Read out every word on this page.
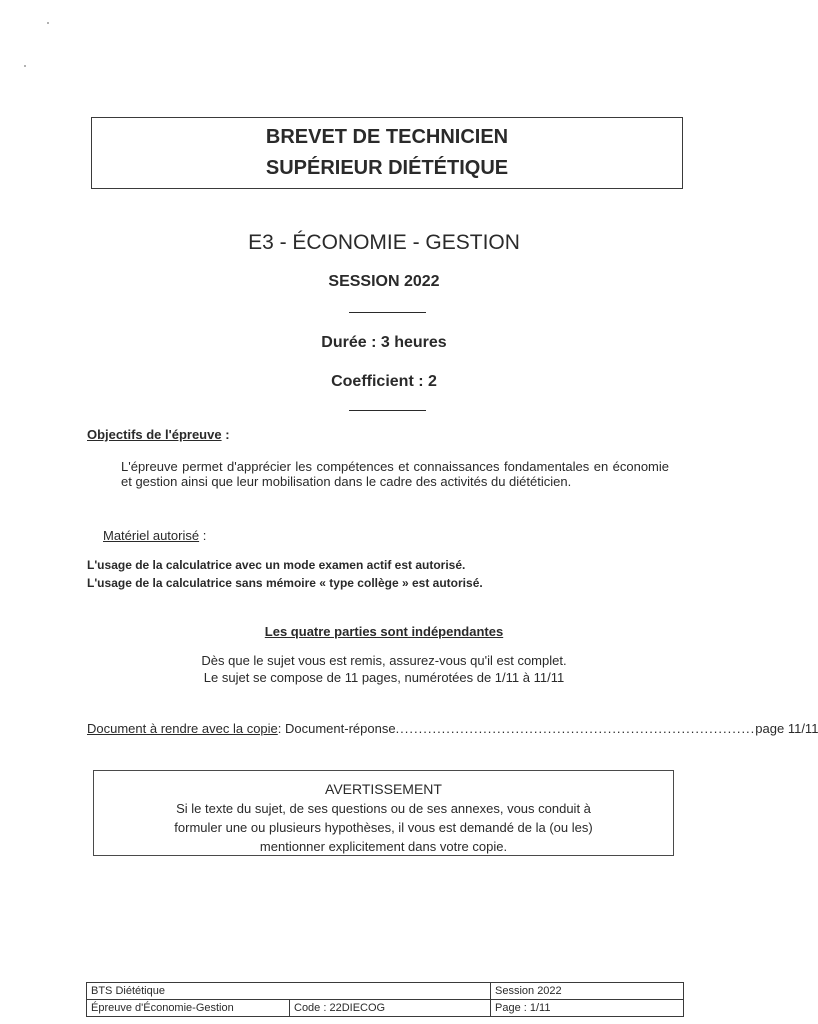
BREVET DE TECHNICIEN
SUPÉRIEUR DIÉTÉTIQUE
E3 - ÉCONOMIE - GESTION
SESSION 2022
Durée : 3 heures
Coefficient : 2
Objectifs de l'épreuve :
L'épreuve permet d'apprécier les compétences et connaissances fondamentales en économie et gestion ainsi que leur mobilisation dans le cadre des activités du diététicien.
Matériel autorisé :
L'usage de la calculatrice avec un mode examen actif est autorisé.
L'usage de la calculatrice sans mémoire « type collège » est autorisé.
Les quatre parties sont indépendantes
Dès que le sujet vous est remis, assurez-vous qu'il est complet.
Le sujet se compose de 11 pages, numérotées de 1/11 à 11/11
Document à rendre avec la copie : Document-réponse .............................................................................. page 11/11
AVERTISSEMENT
Si le texte du sujet, de ses questions ou de ses annexes, vous conduit à
formuler une ou plusieurs hypothèses, il vous est demandé de la (ou les)
mentionner explicitement dans votre copie.
BTS Diététique		Session 2022
Épreuve d'Économie-Gestion	Code : 22DIECOG	Page : 1/11
